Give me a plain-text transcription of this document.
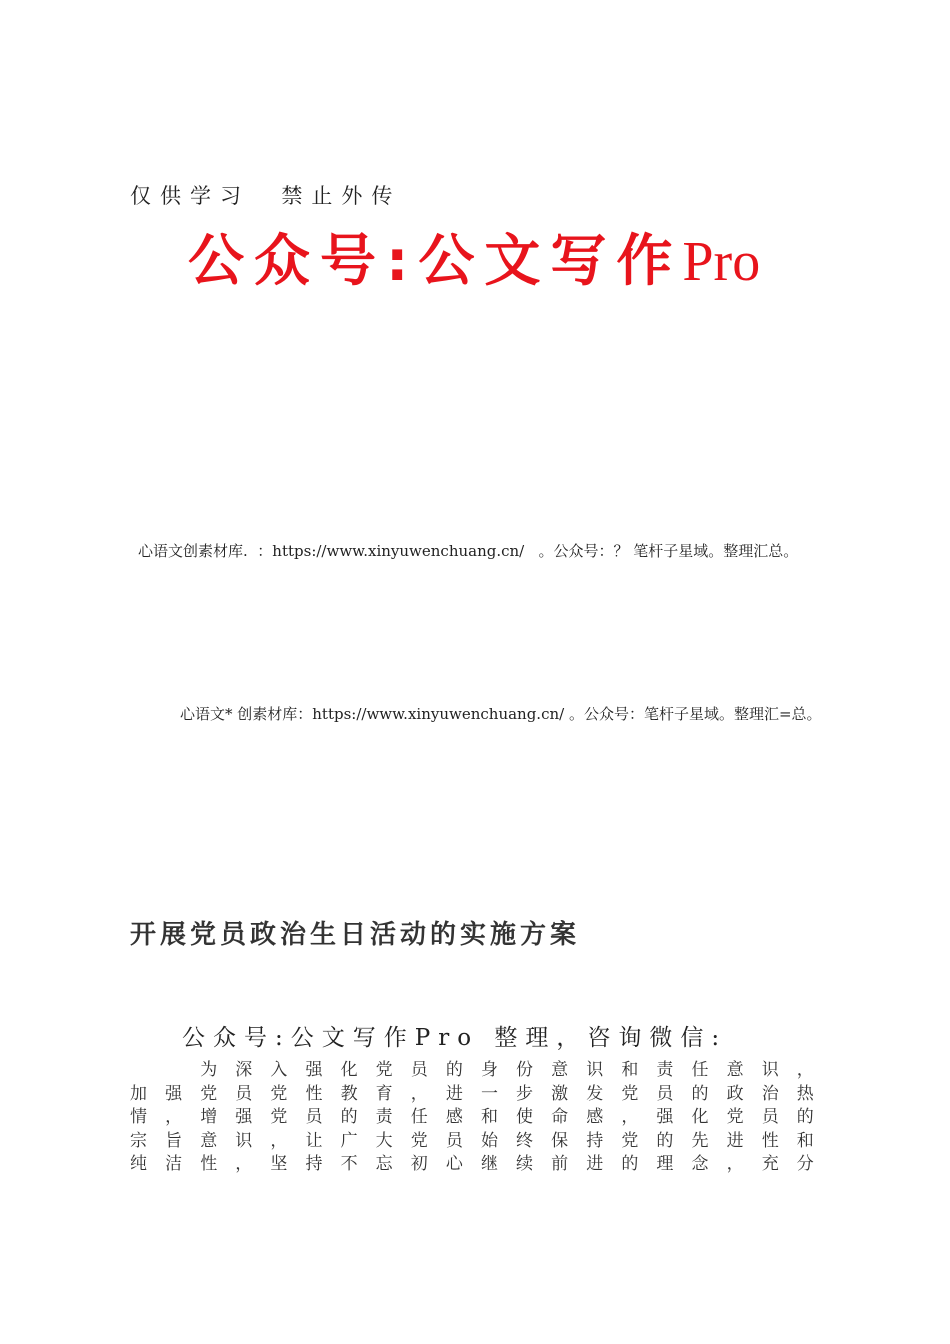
仅供学习  禁止外传
公众号:公文写作Pro
心语文创素材库.  ：https://www.xinyuwenchuang.cn/   。公众号：？ 笔杆子星域。整理汇总。
心语文* 创素材库：https://www.xinyuwenchuang.cn/ 。公众号：笔杆子星域。整理汇=总。
开展党员政治生日活动的实施方案
公众号:公文写作Pro 整理，咨询微信:

为 深 入 强 化 党 员 的 身 份 意 识 和 责 任 意 识 ，
加 强 党 员 党 性 教 育 ， 进 一 步 激 发 党 员 的 政 治 热
情 ， 增 强 党 员 的 责 任 感 和 使 命 感 ， 强 化 党 员 的
宗 旨 意 识 ， 让 广 大 党 员 始 终 保 持 党 的 先 进 性 和
纯 洁 性 ， 坚 持 不 忘 初 心 继 续 前 进 的 理 念 ， 充 分
